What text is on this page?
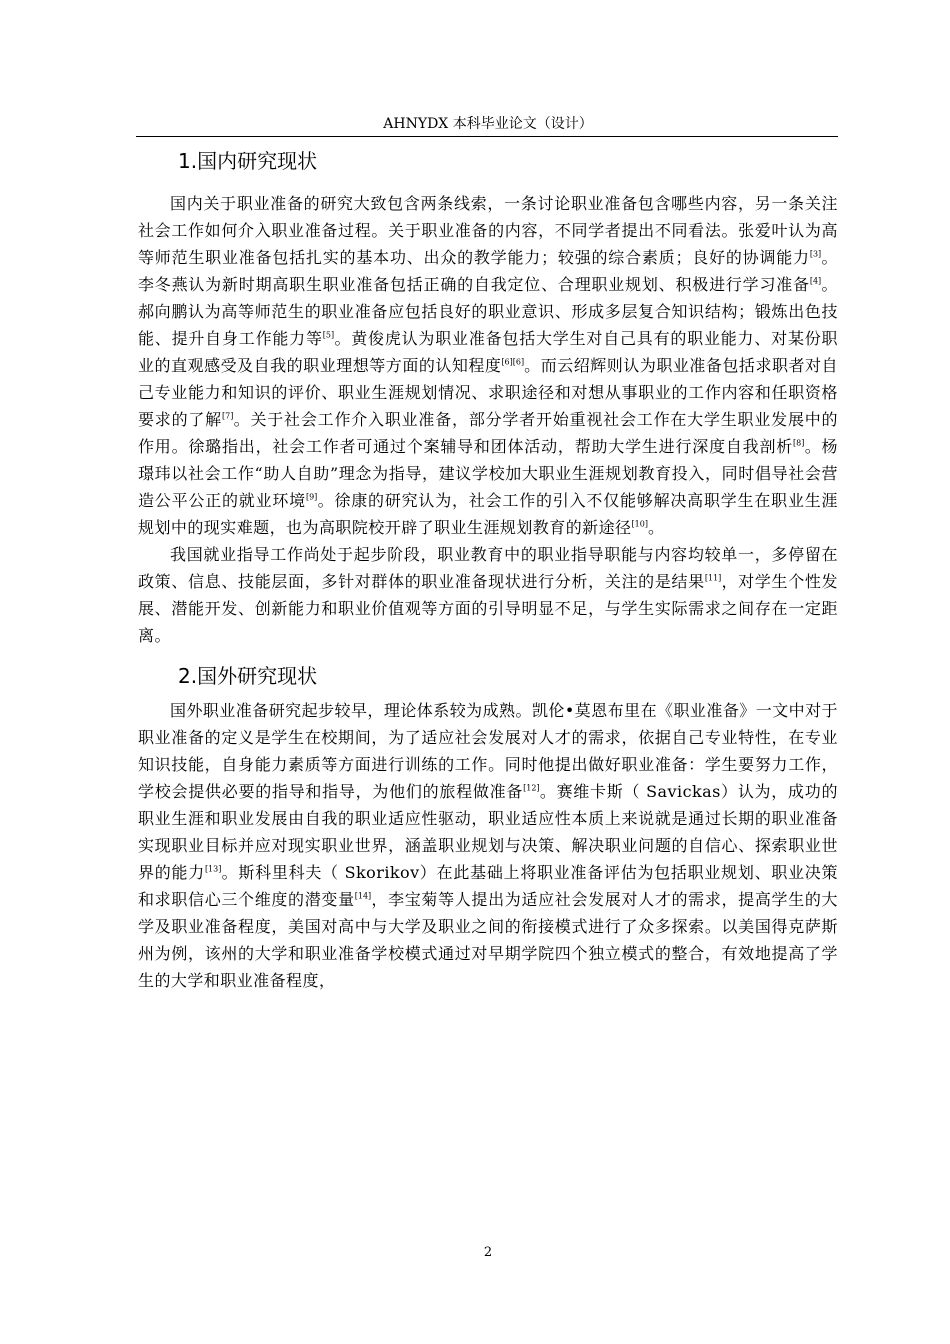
AHNYDX 本科毕业论文（设计）
1.国内研究现状

国内关于职业准备的研究大致包含两条线索，一条讨论职业准备包含哪些内容，另一条关注社会工作如何介入职业准备过程。关于职业准备的内容，不同学者提出不同看法。张爱叶认为高等师范生职业准备包括扎实的基本功、出众的教学能力；较强的综合素质；良好的协调能力[3]。李冬燕认为新时期高职生职业准备包括正确的自我定位、合理职业规划、积极进行学习准备[4]。郝向鹏认为高等师范生的职业准备应包括良好的职业意识、形成多层复合知识结构；锻炼出色技能、提升自身工作能力等[5]。黄俊虎认为职业准备包括大学生对自己具有的职业能力、对某份职业的直观感受及自我的职业理想等方面的认知程度[6][6]。而云绍辉则认为职业准备包括求职者对自己专业能力和知识的评价、职业生涯规划情况、求职途径和对想从事职业的工作内容和任职资格要求的了解[7]。关于社会工作介入职业准备，部分学者开始重视社会工作在大学生职业发展中的作用。徐璐指出，社会工作者可通过个案辅导和团体活动，帮助大学生进行深度自我剖析[8]。杨璟玮以社会工作“助人自助”理念为指导，建议学校加大职业生涯规划教育投入，同时倡导社会营造公平公正的就业环境[9]。徐康的研究认为，社会工作的引入不仅能够解决高职学生在职业生涯规划中的现实难题，也为高职院校开辟了职业生涯规划教育的新途径[10]。

我国就业指导工作尚处于起步阶段，职业教育中的职业指导职能与内容均较单一，多停留在政策、信息、技能层面，多针对群体的职业准备现状进行分析，关注的是结果[11]，对学生个性发展、潜能开发、创新能力和职业价值观等方面的引导明显不足，与学生实际需求之间存在一定距离。

2.国外研究现状

国外职业准备研究起步较早，理论体系较为成熟。凯伦•莫恩布里在《职业准备》一文中对于职业准备的定义是学生在校期间，为了适应社会发展对人才的需求，依据自己专业特性，在专业知识技能，自身能力素质等方面进行训练的工作。同时他提出做好职业准备：学生要努力工作，学校会提供必要的指导和指导，为他们的旅程做准备[12]。赛维卡斯（ Savickas）认为，成功的职业生涯和职业发展由自我的职业适应性驱动，职业适应性本质上来说就是通过长期的职业准备实现职业目标并应对现实职业世界，涵盖职业规划与决策、解决职业问题的自信心、探索职业世界的能力[13]。斯科里科夫（ Skorikov）在此基础上将职业准备评估为包括职业规划、职业决策和求职信心三个维度的潜变量[14]，李宝菊等人提出为适应社会发展对人才的需求，提高学生的大学及职业准备程度，美国对高中与大学及职业之间的衔接模式进行了众多探索。以美国得克萨斯州为例，该州的大学和职业准备学校模式通过对早期学院四个独立模式的整合，有效地提高了学生的大学和职业准备程度，

2
